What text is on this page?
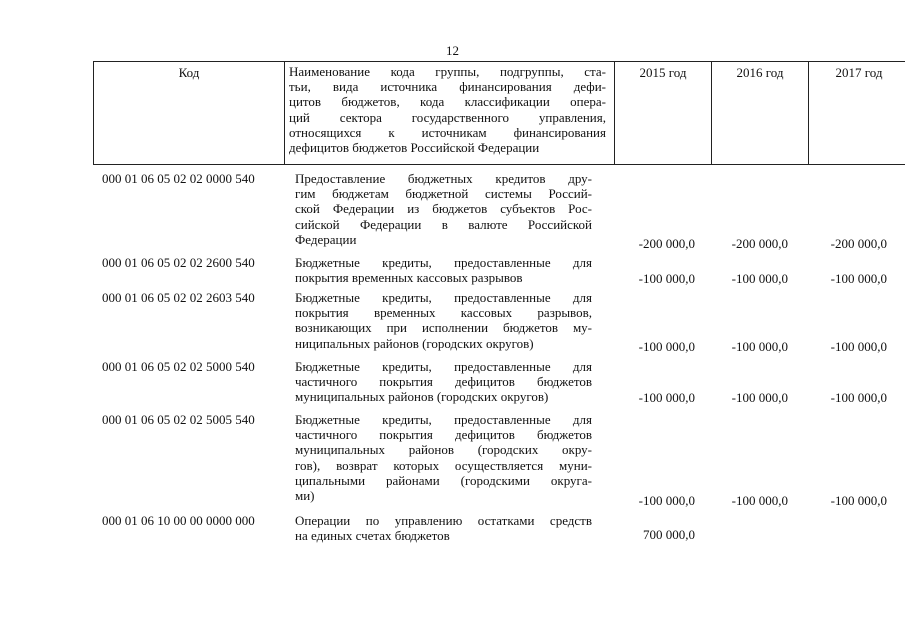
12
Код	Наименование кода группы, подгруппы, ста-
тьи, вида источника финансирования дефи-
цитов бюджетов, кода классификации опера-
ций сектора государственного управления,
относящихся к источникам финансирования
дефицитов бюджетов Российской Федерации
	2015 год	2016 год	2017 год
000 01 06 05 02 02 0000 540	Предоставление бюджетных кредитов дру-
гим бюджетам бюджетной системы Россий-
ской Федерации из бюджетов субъектов Рос-
сийской Федерации в валюте Российской
Федерации	-200 000,0	-200 000,0	-200 000,0
000 01 06 05 02 02 2600 540	Бюджетные кредиты, предоставленные для
покрытия временных кассовых разрывов	-100 000,0	-100 000,0	-100 000,0
000 01 06 05 02 02 2603 540	Бюджетные кредиты, предоставленные для
покрытия временных кассовых разрывов,
возникающих при исполнении бюджетов му-
ниципальных районов (городских округов)	-100 000,0	-100 000,0	-100 000,0
000 01 06 05 02 02 5000 540	Бюджетные кредиты, предоставленные для
частичного покрытия дефицитов бюджетов
муниципальных районов (городских округов)	-100 000,0	-100 000,0	-100 000,0
000 01 06 05 02 02 5005 540	Бюджетные кредиты, предоставленные для
частичного покрытия дефицитов бюджетов
муниципальных районов (городских окру-
гов), возврат которых осуществляется муни-
ципальными районами (городскими округа-
ми)	-100 000,0	-100 000,0	-100 000,0
000 01 06 10 00 00 0000 000	Операции по управлению остатками средств
на единых счетах бюджетов	700 000,0
